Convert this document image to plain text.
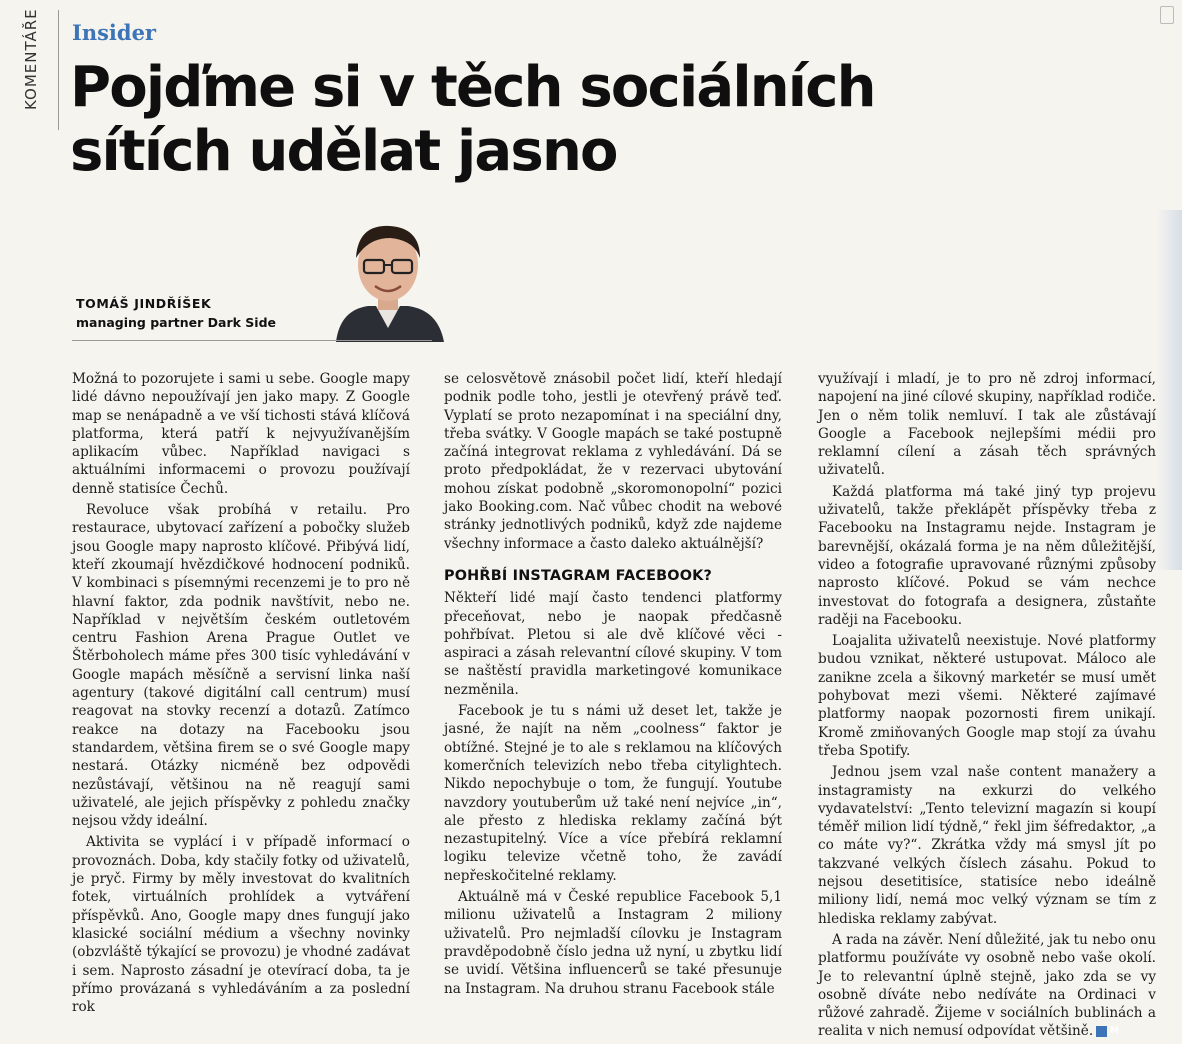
KOMENTÁŘE	Insider
Pojďme si v těch sociálních
sítích udělat jasno
TOMÁŠ JINDŘÍŠEK
managing partner Dark Side

Možná to pozorujete i sami u sebe. Google mapy lidé dávno nepoužívají jen jako mapy. Z Google map se nenápadně a ve vší tichosti stává klíčová platforma, která patří k nejvyužívanějším aplikacím vůbec. Například navigaci s aktuálními informacemi o provozu používají denně statisíce Čechů.

Revoluce však probíhá v retailu. Pro restaurace, ubytovací zařízení a pobočky služeb jsou Google mapy naprosto klíčové. Přibývá lidí, kteří zkoumají hvězdičkové hodnocení podniků. V kombinaci s písemnými recenzemi je to pro ně hlavní faktor, zda podnik navštívit, nebo ne. Například v největším českém outletovém centru Fashion Arena Prague Outlet ve Štěrboholech máme přes 300 tisíc vyhledávání v Google mapách měsíčně a servisní linka naší agentury (takové digitální call centrum) musí reagovat na stovky recenzí a dotazů. Zatímco reakce na dotazy na Facebooku jsou standardem, většina firem se o své Google mapy nestará. Otázky nicméně bez odpovědi nezůstávají, většinou na ně reagují sami uživatelé, ale jejich příspěvky z pohledu značky nejsou vždy ideální.

Aktivita se vyplácí i v případě informací o provoznách. Doba, kdy stačily fotky od uživatelů, je pryč. Firmy by měly investovat do kvalitních fotek, virtuálních prohlídek a vytváření příspěvků. Ano, Google mapy dnes fungují jako klasické sociální médium a všechny novinky (obzvláště týkající se provozu) je vhodné zadávat i sem. Naprosto zásadní je otevírací doba, ta je přímo provázaná s vyhledáváním a za poslední rok

se celosvětově znásobil počet lidí, kteří hledají podnik podle toho, jestli je otevřený právě teď. Vyplatí se proto nezapomínat i na speciální dny, třeba svátky. V Google mapách se také postupně začíná integrovat reklama z vyhledávání. Dá se proto předpokládat, že v rezervaci ubytování mohou získat podobně „skoromonopolní“ pozici jako Booking.com. Nač vůbec chodit na webové stránky jednotlivých podniků, když zde najdeme všechny informace a často daleko aktuálnější?

POHŘBÍ INSTAGRAM FACEBOOK?

Někteří lidé mají často tendenci platformy přeceňovat, nebo je naopak předčasně pohřbívat. Pletou si ale dvě klíčové věci - aspiraci a zásah relevantní cílové skupiny. V tom se naštěstí pravidla marketingové komunikace nezměnila.

Facebook je tu s námi už deset let, takže je jasné, že najít na něm „coolness“ faktor je obtížné. Stejné je to ale s reklamou na klíčových komerčních televizích nebo třeba citylightech. Nikdo nepochybuje o tom, že fungují. Youtube navzdory youtuberům už také není nejvíce „in“, ale přesto z hlediska reklamy začíná být nezastupitelný. Více a více přebírá reklamní logiku televize včetně toho, že zavádí nepřeskočitelné reklamy.

Aktuálně má v České republice Facebook 5,1 milionu uživatelů a Instagram 2 miliony uživatelů. Pro nejmladší cílovku je Instagram pravděpodobně číslo jedna už nyní, u zbytku lidí se uvidí. Většina influencerů se také přesunuje na Instagram. Na druhou stranu Facebook stále

využívají i mladí, je to pro ně zdroj informací, napojení na jiné cílové skupiny, například rodiče. Jen o něm tolik nemluví. I tak ale zůstávají Google a Facebook nejlepšími médii pro reklamní cílení a zásah těch správných uživatelů.

Každá platforma má také jiný typ projevu uživatelů, takže překlápět příspěvky třeba z Facebooku na Instagramu nejde. Instagram je barevnější, okázalá forma je na něm důležitější, video a fotografie upravované různými způsoby naprosto klíčové. Pokud se vám nechce investovat do fotografa a designera, zůstaňte raději na Facebooku.

Loajalita uživatelů neexistuje. Nové platformy budou vznikat, některé ustupovat. Máloco ale zanikne zcela a šikovný marketér se musí umět pohybovat mezi všemi. Některé zajímavé platformy naopak pozornosti firem unikají. Kromě zmiňovaných Google map stojí za úvahu třeba Spotify.

Jednou jsem vzal naše content manažery a instagramisty na exkurzi do velkého vydavatelství: „Tento televizní magazín si koupí téměř milion lidí týdně,“ řekl jim šéfredaktor, „a co máte vy?“. Zkrátka vždy má smysl jít po takzvané velkých číslech zásahu. Pokud to nejsou desetitisíce, statisíce nebo ideálně miliony lidí, nemá moc velký význam se tím z hlediska reklamy zabývat.

A rada na závěr. Není důležité, jak tu nebo onu platformu používáte vy osobně nebo vaše okolí. Je to relevantní úplně stejně, jako zda se vy osobně díváte nebo nedíváte na Ordinaci v růžové zahradě. Žijeme v sociálních bublinách a realita v nich nemusí odpovídat většině. M
